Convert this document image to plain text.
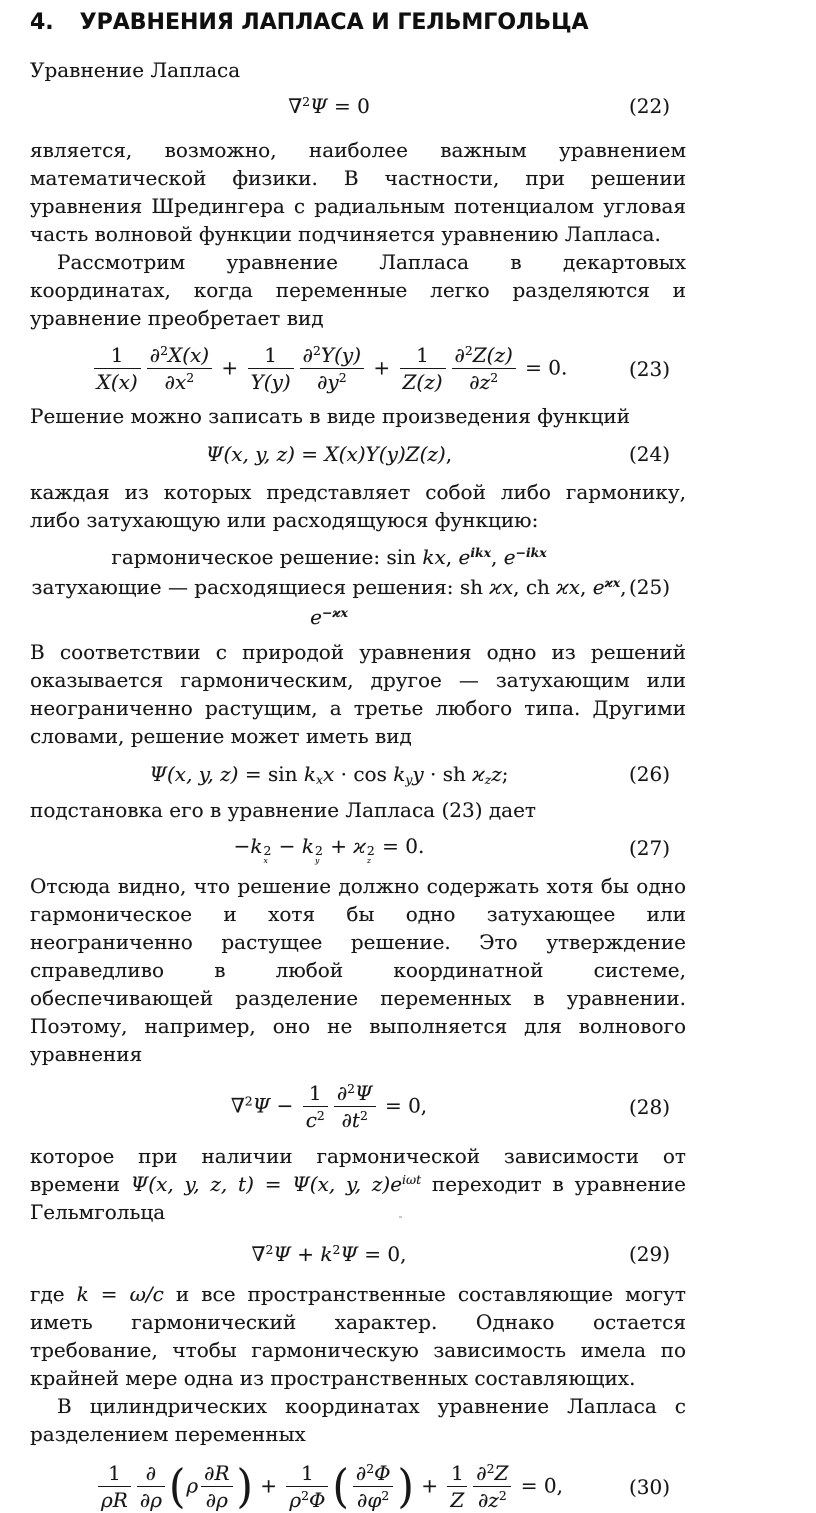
4. УРАВНЕНИЯ ЛАПЛАСА И ГЕЛЬМГОЛЬЦА

Уравнение Лапласа

∇$^2$Ψ = 0	(22)

является, возможно, наиболее важным уравнением математической физики. В частности, при решении уравнения Шредингера с радиальным потенциалом угловая часть волновой функции подчиняется уравнению Лапласа.

Рассмотрим уравнение Лапласа в декартовых координатах, когда переменные легко разделяются и уравнение преобретает вид

$\frac{1}{X(x)} \frac{\partial^2X(x)}{\partial x^2} + \frac{1}{Y(y)} \frac{\partial^2Y(y)}{\partial y^2} + \frac{1}{Z(z)} \frac{\partial^2Z(z)}{\partial z^2} = 0$.	(23)

Решение можно записать в виде произведения функций

Ψ(x, y, z) = X(x)Y(y)Z(z),	(24)

каждая из которых представляет собой либо гармонику, либо затухающую или расходящуюся функцию:

гармоническое решение: sin kx, $e^{ikx}$, $e^{-ikx}$
затухающие — расходящиеся решения: sh ϰx, ch ϰx, $e^{ϰx}$, $e^{-ϰx}$
(25)

В соответствии с природой уравнения одно из решений оказывается гармоническим, другое — затухающим или неограниченно растущим, а третье любого типа. Другими словами, решение может иметь вид

Ψ(x, y, $z) = \sin k_xx \cdot \cos k_yy$ · sh $ϰ_zz$;	(26)

подстановка его в уравнение Лапласа (23) дает

−k 2
x
− k 2
y
+ ϰ 2
z
= 0.	(27)

Отсюда видно, что решение должно содержать хотя бы одно гармоническое и хотя бы одно затухающее или неограниченно растущее решение. Это утверждение справедливо в любой координатной системе, обеспечивающей разделение переменных в уравнении. Поэтому, например, оно не выполняется для волнового уравнения

$\nabla^2\Psi - \frac{1}{c^2} \frac{\partial^2\Psi}{\partial t^2} = 0$,	(28)

которое при наличии гармонической зависимости от времени Ψ(x, y, z, t) = Ψ(x, y, $z)e^{i\omega t}$ переходит в уравнение Гельмгольца

$\nabla^2\Psi + k^2\Psi = 0$,	(29)

где k = ω/c и все пространственные составляющие могут иметь гармонический характер. Однако остается требование, чтобы гармоническую зависимость имела по крайней мере одна из пространственных составляющих.

В цилиндрических координатах уравнение Лапласа с разделением переменных

$\frac{1}{\rho R} \frac{\partial}{\partial\rho}$ ( ρ $\frac{\partial R}{\partial\rho}$ ) + $\frac{1}{\rho^2\Phi}$ ( $\frac{\partial^2\Phi}{\partial\varphi^2}$ ) + $\frac{1}{Z} \frac{\partial^2Z}{\partial z^2} = 0$,	(30)
